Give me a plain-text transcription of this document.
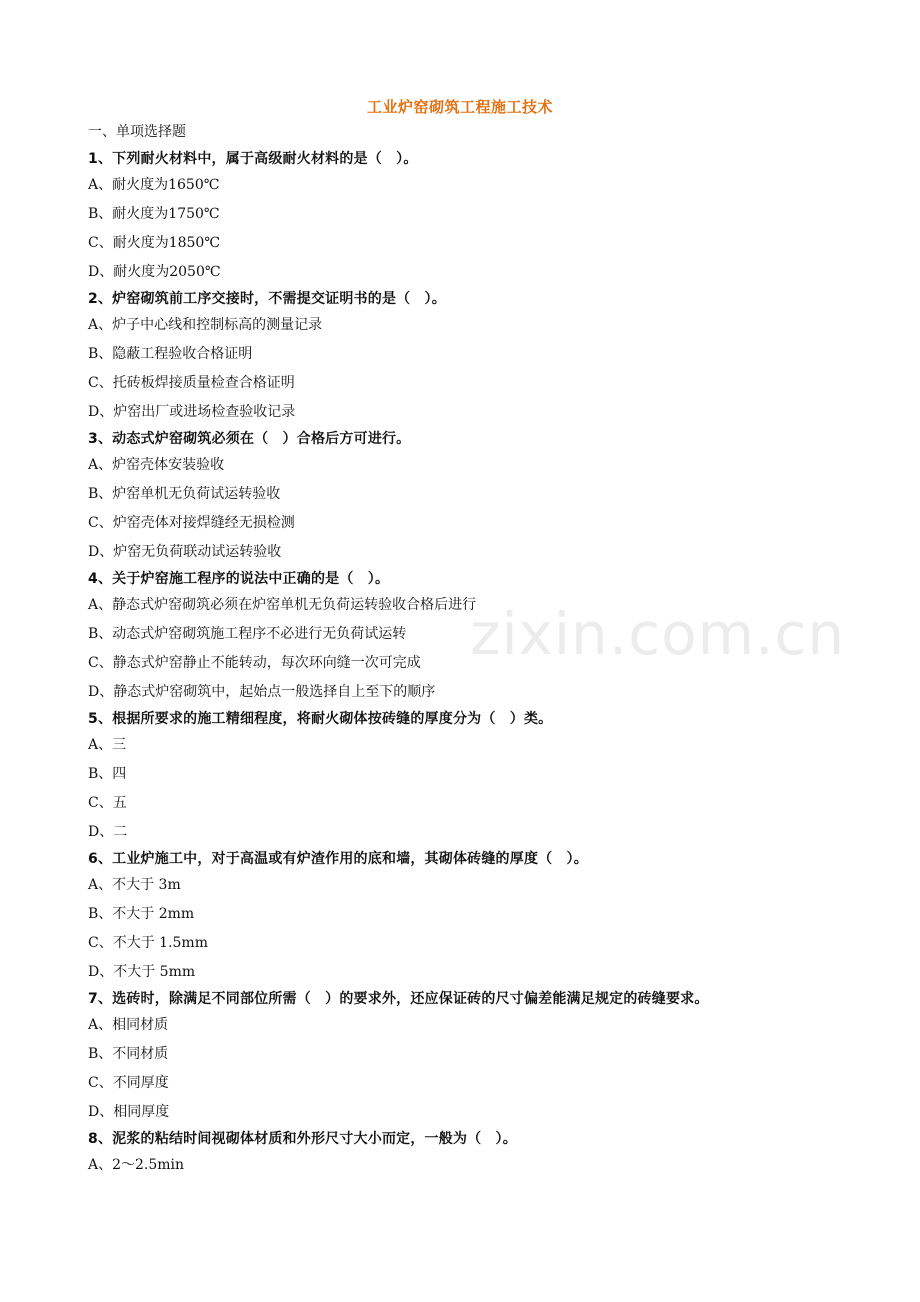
工业炉窑砌筑工程施工技术
一、单项选择题
1、下列耐火材料中，属于高级耐火材料的是（　）。
A、耐火度为1650℃
B、耐火度为1750℃
C、耐火度为1850℃
D、耐火度为2050℃
2、炉窑砌筑前工序交接时，不需提交证明书的是（　）。
A、炉子中心线和控制标高的测量记录
B、隐蔽工程验收合格证明
C、托砖板焊接质量检查合格证明
D、炉窑出厂或进场检查验收记录
3、动态式炉窑砌筑必须在（　）合格后方可进行。
A、炉窑壳体安装验收
B、炉窑单机无负荷试运转验收
C、炉窑壳体对接焊缝经无损检测
D、炉窑无负荷联动试运转验收
4、关于炉窑施工程序的说法中正确的是（　）。
A、静态式炉窑砌筑必须在炉窑单机无负荷运转验收合格后进行
B、动态式炉窑砌筑施工程序不必进行无负荷试运转
C、静态式炉窑静止不能转动，每次环向缝一次可完成
D、静态式炉窑砌筑中，起始点一般选择自上至下的顺序
5、根据所要求的施工精细程度，将耐火砌体按砖缝的厚度分为（　）类。
A、三
B、四
C、五
D、二
6、工业炉施工中，对于高温或有炉渣作用的底和墙，其砌体砖缝的厚度（　）。
A、不大于 3m
B、不大于 2mm
C、不大于 1.5mm
D、不大于 5mm
7、选砖时，除满足不同部位所需（　）的要求外，还应保证砖的尺寸偏差能满足规定的砖缝要求。
A、相同材质
B、不同材质
C、不同厚度
D、相同厚度
8、泥浆的粘结时间视砌体材质和外形尺寸大小而定，一般为（　）。
A、2～2.5min
zixin.com.cn
